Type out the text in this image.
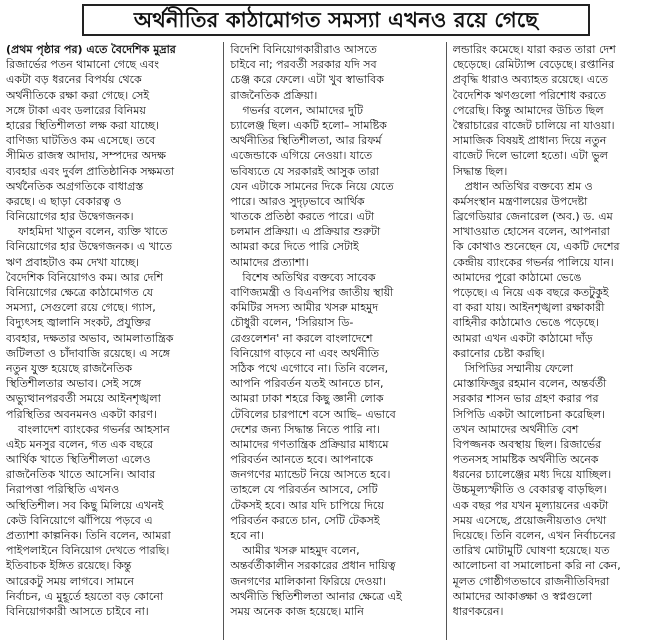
অর্থনীতির কাঠামোগত সমস্যা এখনও রয়ে গেছে
(প্রথম পৃষ্ঠার পর) এতে বৈদেশিক মুদ্রার
রিজার্ভের পতন থামানো গেছে এবং
একটা বড় ধরনের বিপর্যয় থেকে
অর্থনীতিকে রক্ষা করা গেছে। সেই
সঙ্গে টাকা এবং ডলারের বিনিময়
হারের স্থিতিশীলতা লক্ষ করা যাচ্ছে।
বাণিজ্য ঘাটতিও কম এসেছে। তবে
সীমিত রাজস্ব আদায়, সম্পদের অদক্ষ
ব্যবহার এবং দুর্বল প্রাতিষ্ঠানিক সক্ষমতা
অর্থনৈতিক অগ্রগতিকে বাধাগ্রস্ত
করছে। এ ছাড়া বেকারত্ব ও
বিনিয়োগের হার উদ্বেগজনক।
ফাহমিদা খাতুন বলেন, ব্যক্তি খাতে
বিনিয়োগের হার উদ্বেগজনক। এ খাতে
ঋণ প্রবাহটাও কম দেখা যাচ্ছে।
বৈদেশিক বিনিয়োগও কম। আর দেশি
বিনিয়োগের ক্ষেত্রে কাঠামোগত যে
সমস্যা, সেগুলো রয়ে গেছে। গ্যাস,
বিদ্যুৎসহ জ্বালানি সংকট, প্রযুক্তির
ব্যবহার, দক্ষতার অভাব, আমলাতান্ত্রিক
জটিলতা ও চাঁদাবাজি রয়েছে। এ সঙ্গে
নতুন যুক্ত হয়েছে রাজনৈতিক
স্থিতিশীলতার অভাব। সেই সঙ্গে
অভ্যুত্থানপরবর্তী সময়ে আইনশৃঙ্খলা
পরিস্থিতির অবনমনও একটা কারণ।
বাংলাদেশ ব্যাংকের গভর্নর আহসান
এইচ মনসুর বলেন, গত এক বছরে
আর্থিক খাতে স্থিতিশীলতা এলেও
রাজনৈতিক খাতে আসেনি। আবার
নিরাপত্তা পরিস্থিতি এখনও
অস্থিতিশীল। সব কিছু মিলিয়ে এখনই
কেউ বিনিয়োগে ঝাঁপিয়ে পড়বে এ
প্রত্যাশা কাল্পনিক। তিনি বলেন, আমরা
পাইপলাইনে বিনিয়োগ দেখতে পারছি।
ইতিবাচক ইঙ্গিত রয়েছে। কিন্তু
আরেকটু সময় লাগবে। সামনে
নির্বাচন, এ মুহূর্তে হয়তো বড় কোনো
বিনিয়োগকারী আসতে চাইবে না।
বিদেশি বিনিয়োগকারীরাও আসতে
চাইবে না; পরবর্তী সরকার যদি সব
চেঞ্জ করে ফেলে। এটা খুব স্বাভাবিক
রাজনৈতিক প্রক্রিয়া।
গভর্নর বলেন, আমাদের দুটি
চ্যালেঞ্জ ছিল। একটি হলো– সামষ্টিক
অর্থনীতির স্থিতিশীলতা, আর রিফর্ম
এজেন্ডাকে এগিয়ে নেওয়া। যাতে
ভবিষ্যতে যে সরকারই আসুক তারা
যেন এটাকে সামনের দিকে নিয়ে যেতে
পারে। আরও সুদৃঢ়ভাবে আর্থিক
খাতকে প্রতিষ্ঠা করতে পারে। এটা
চলমান প্রক্রিয়া। এ প্রক্রিয়ার শুরুটা
আমরা করে দিতে পারি সেটাই
আমাদের প্রত্যাশা।
বিশেষ অতিথির বক্তব্যে সাবেক
বাণিজ্যমন্ত্রী ও বিএনপির জাতীয় স্থায়ী
কমিটির সদস্য আমীর খসরু মাহমুদ
চৌধুরী বলেন, 'সিরিয়াস ডি-
রেগুলেশন' না করলে বাংলাদেশে
বিনিয়োগ বাড়বে না এবং অর্থনীতি
সঠিক পথে এগোবে না। তিনি বলেন,
আপনি পরিবর্তন যতই আনতে চান,
আমরা ঢাকা শহরে কিছু জ্ঞানী লোক
টেবিলের চারপাশে বসে আছি– এভাবে
দেশের জন্য সিদ্ধান্ত নিতে পারি না।
আমাদের গণতান্ত্রিক প্রক্রিয়ার মাধ্যমে
পরিবর্তন আনতে হবে। আপনাকে
জনগণের ম্যান্ডেট নিয়ে আসতে হবে।
তাহলে যে পরিবর্তন আসবে, সেটি
টেকসই হবে। আর যদি চাপিয়ে দিয়ে
পরিবর্তন করতে চান, সেটি টেকসই
হবে না।
আমীর খসরু মাহমুদ বলেন,
অন্তর্বর্তীকালীন সরকারের প্রধান দায়িত্ব
জনগণের মালিকানা ফিরিয়ে দেওয়া।
অর্থনীতি স্থিতিশীলতা আনার ক্ষেত্রে এই
সময় অনেক কাজ হয়েছে। মানি
লন্ডারিং কমেছে। যারা করত তারা দেশ
ছেড়েছে। রেমিট্যান্স বেড়েছে। রপ্তানির
প্রবৃদ্ধি ধারাও অব্যাহত রয়েছে। এতে
বৈদেশিক ঋণগুলো পরিশোধ করতে
পেরেছি। কিন্তু আমাদের উচিত ছিল
স্বৈরাচারের বাজেট চালিয়ে না যাওয়া।
সামাজিক বিষয়ই প্রাধান্য দিয়ে নতুন
বাজেট দিলে ভালো হতো। এটা ভুল
সিদ্ধান্ত ছিল।
প্রধান অতিথির বক্তব্যে শ্রম ও
কর্মসংস্থান মন্ত্রণালয়ের উপদেষ্টা
ব্রিগেডিয়ার জেনারেল (অব.) ড. এম
সাখাওয়াত হোসেন বলেন, আপনারা
কি কোথাও শুনেছেন যে, একটি দেশের
কেন্দ্রীয় ব্যাংকের গভর্নর পালিয়ে যান।
আমাদের পুরো কাঠামো ভেঙে
পড়েছে। এ নিয়ে এক বছরে কতটুকুই
বা করা যায়। আইনশৃঙ্খলা রক্ষাকারী
বাহিনীর কাঠামোও ভেঙে পড়েছে।
আমরা এখন একটা কাঠামো দাঁড়
করানোর চেষ্টা করছি।
সিপিডির সম্মানীয় ফেলো
মোস্তাফিজুর রহমান বলেন, অন্তর্বর্তী
সরকার শাসন ভার গ্রহণ করার পর
সিপিডি একটা আলোচনা করেছিল।
তখন আমাদের অর্থনীতি বেশ
বিপজ্জনক অবস্থায় ছিল। রিজার্ভের
পতনসহ সামষ্টিক অর্থনীতি অনেক
ধরনের চ্যালেঞ্জের মধ্য দিয়ে যাচ্ছিল।
উচ্চমূল্যস্ফীতি ও বেকারত্ব বাড়ছিল।
এক বছর পর যখন মূল্যায়নের একটা
সময় এসেছে, প্রয়োজনীয়তাও দেখা
দিয়েছে। তিনি বলেন, এখন নির্বাচনের
তারিখ মোটামুটি ঘোষণা হয়েছে। যত
আলোচনা বা সমালোচনা করি না কেন,
মূলত গোষ্ঠীগতভাবে রাজনীতিবিদরা
আমাদের আকাঙ্ক্ষা ও স্বপ্নগুলো
ধারণকরেন।
